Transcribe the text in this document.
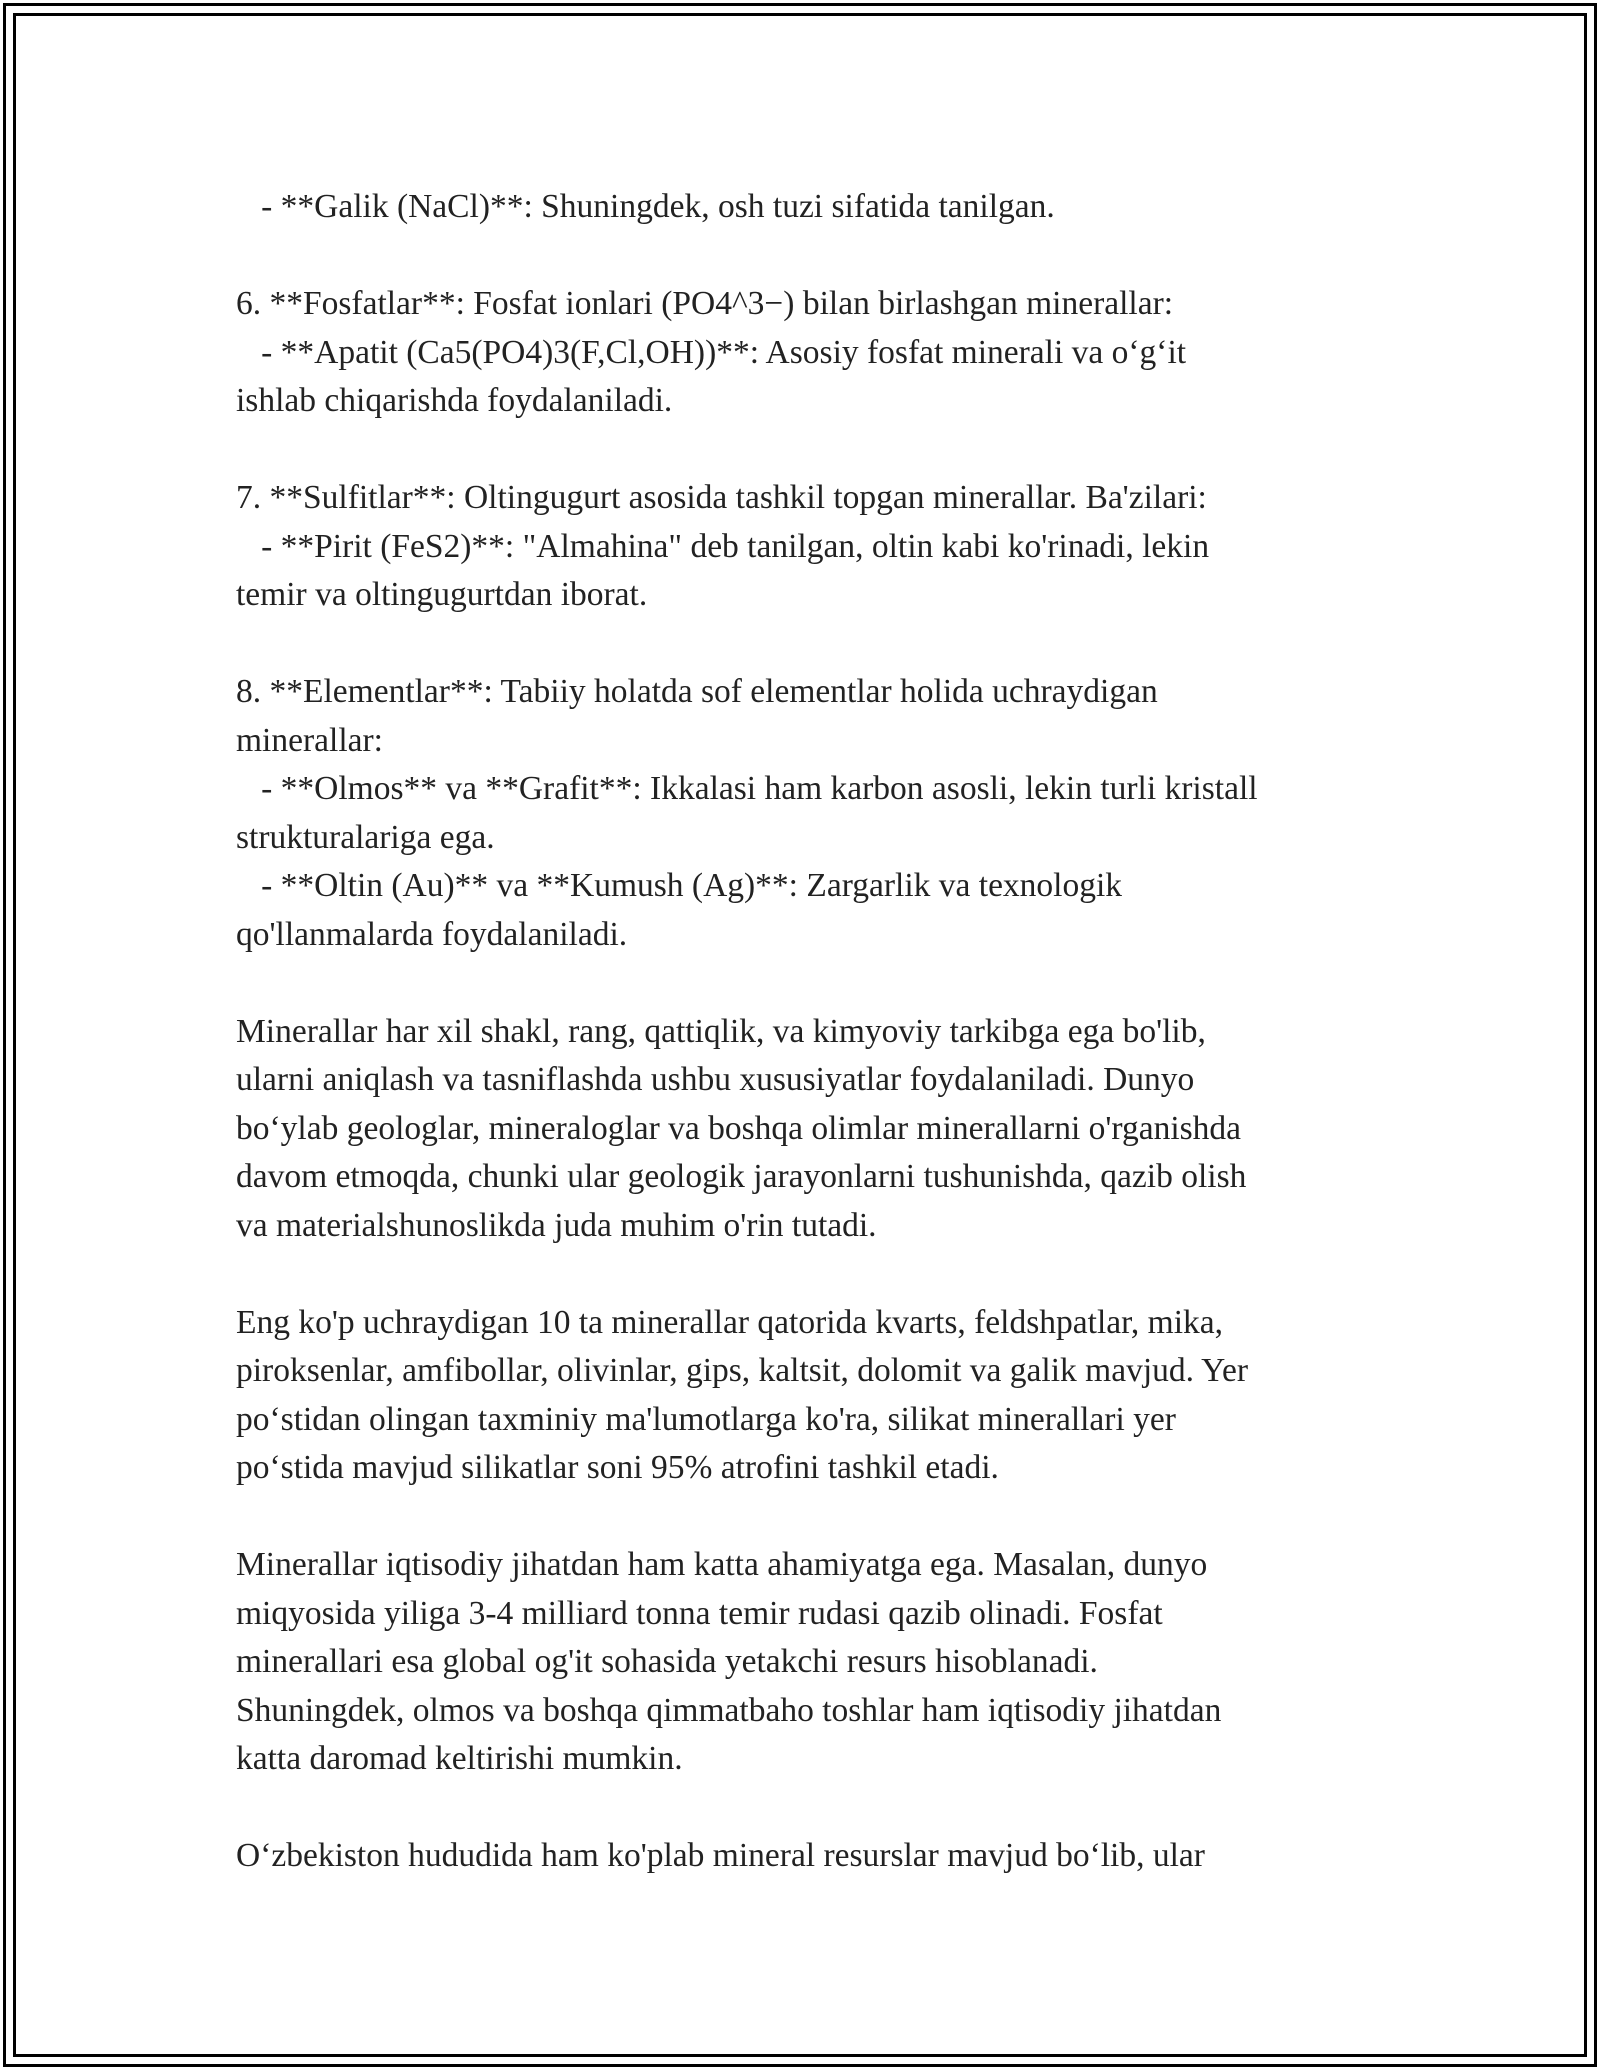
- **Galik (NaCl)**: Shuningdek, osh tuzi sifatida tanilgan.
6. **Fosfatlar**: Fosfat ionlari (PO4^3−) bilan birlashgan minerallar:
- **Apatit (Ca5(PO4)3(F,Cl,OH))**: Asosiy fosfat minerali va o‘g‘it
ishlab chiqarishda foydalaniladi.
7. **Sulfitlar**: Oltingugurt asosida tashkil topgan minerallar. Ba'zilari:
- **Pirit (FeS2)**: "Almahina" deb tanilgan, oltin kabi ko'rinadi, lekin
temir va oltingugurtdan iborat.
8. **Elementlar**: Tabiiy holatda sof elementlar holida uchraydigan
minerallar:
- **Olmos** va **Grafit**: Ikkalasi ham karbon asosli, lekin turli kristall
strukturalariga ega.
- **Oltin (Au)** va **Kumush (Ag)**: Zargarlik va texnologik
qo'llanmalarda foydalaniladi.
Minerallar har xil shakl, rang, qattiqlik, va kimyoviy tarkibga ega bo'lib,
ularni aniqlash va tasniflashda ushbu xususiyatlar foydalaniladi. Dunyo
bo‘ylab geologlar, mineraloglar va boshqa olimlar minerallarni o'rganishda
davom etmoqda, chunki ular geologik jarayonlarni tushunishda, qazib olish
va materialshunoslikda juda muhim o'rin tutadi.
Eng ko'p uchraydigan 10 ta minerallar qatorida kvarts, feldshpatlar, mika,
piroksenlar, amfibollar, olivinlar, gips, kaltsit, dolomit va galik mavjud. Yer
po‘stidan olingan taxminiy ma'lumotlarga ko'ra, silikat minerallari yer
po‘stida mavjud silikatlar soni 95% atrofini tashkil etadi.
Minerallar iqtisodiy jihatdan ham katta ahamiyatga ega. Masalan, dunyo
miqyosida yiliga 3-4 milliard tonna temir rudasi qazib olinadi. Fosfat
minerallari esa global og'it sohasida yetakchi resurs hisoblanadi.
Shuningdek, olmos va boshqa qimmatbaho toshlar ham iqtisodiy jihatdan
katta daromad keltirishi mumkin.
O‘zbekiston hududida ham ko'plab mineral resurslar mavjud bo‘lib, ular
